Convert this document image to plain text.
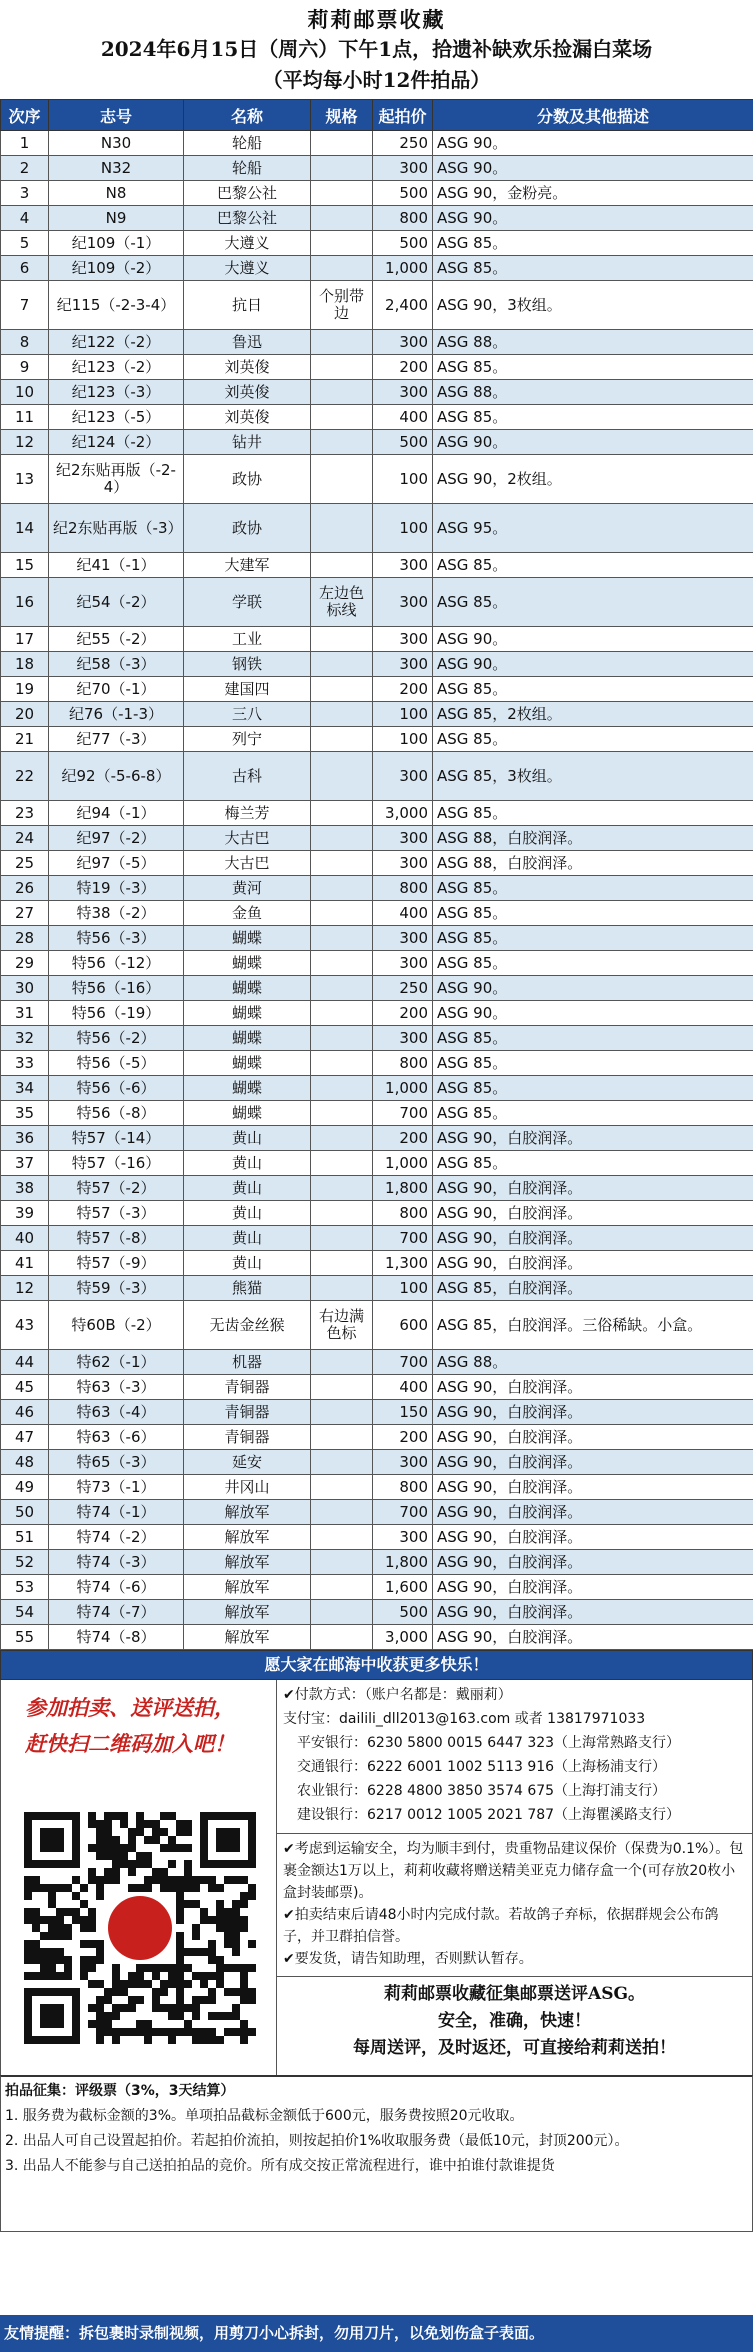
莉莉邮票收藏
2024年6月15日（周六）下午1点，拾遗补缺欢乐捡漏白菜场
（平均每小时12件拍品）
次序	志号	名称	规格	起拍价	分数及其他描述
1	N30	轮船		250	ASG 90。
2	N32	轮船		300	ASG 90。
3	N8	巴黎公社		500	ASG 90，金粉亮。
4	N9	巴黎公社		800	ASG 90。
5	纪109（-1）	大遵义		500	ASG 85。
6	纪109（-2）	大遵义		1,000	ASG 85。
7	纪115（-2-3-4）	抗日	个别带边	2,400	ASG 90，3枚组。
8	纪122（-2）	鲁迅		300	ASG 88。
9	纪123（-2）	刘英俊		200	ASG 85。
10	纪123（-3）	刘英俊		300	ASG 88。
11	纪123（-5）	刘英俊		400	ASG 85。
12	纪124（-2）	钻井		500	ASG 90。
13	纪2东贴再版（-2-4）	政协		100	ASG 90，2枚组。
14	纪2东贴再版（-3）	政协		100	ASG 95。
15	纪41（-1）	大建军		300	ASG 85。
16	纪54（-2）	学联	左边色标线	300	ASG 85。
17	纪55（-2）	工业		300	ASG 90。
18	纪58（-3）	钢铁		300	ASG 90。
19	纪70（-1）	建国四		200	ASG 85。
20	纪76（-1-3）	三八		100	ASG 85，2枚组。
21	纪77（-3）	列宁		100	ASG 85。
22	纪92（-5-6-8）	古科		300	ASG 85，3枚组。
23	纪94（-1）	梅兰芳		3,000	ASG 85。
24	纪97（-2）	大古巴		300	ASG 88，白胶润泽。
25	纪97（-5）	大古巴		300	ASG 88，白胶润泽。
26	特19（-3）	黄河		800	ASG 85。
27	特38（-2）	金鱼		400	ASG 85。
28	特56（-3）	蝴蝶		300	ASG 85。
29	特56（-12）	蝴蝶		300	ASG 85。
30	特56（-16）	蝴蝶		250	ASG 90。
31	特56（-19）	蝴蝶		200	ASG 90。
32	特56（-2）	蝴蝶		300	ASG 85。
33	特56（-5）	蝴蝶		800	ASG 85。
34	特56（-6）	蝴蝶		1,000	ASG 85。
35	特56（-8）	蝴蝶		700	ASG 85。
36	特57（-14）	黄山		200	ASG 90，白胶润泽。
37	特57（-16）	黄山		1,000	ASG 85。
38	特57（-2）	黄山		1,800	ASG 90，白胶润泽。
39	特57（-3）	黄山		800	ASG 90，白胶润泽。
40	特57（-8）	黄山		700	ASG 90，白胶润泽。
41	特57（-9）	黄山		1,300	ASG 90，白胶润泽。
12	特59（-3）	熊猫		100	ASG 85，白胶润泽。
43	特60B（-2）	无齿金丝猴	右边满色标	600	ASG 85，白胶润泽。三俗稀缺。小盒。
44	特62（-1）	机器		700	ASG 88。
45	特63（-3）	青铜器		400	ASG 90，白胶润泽。
46	特63（-4）	青铜器		150	ASG 90，白胶润泽。
47	特63（-6）	青铜器		200	ASG 90，白胶润泽。
48	特65（-3）	延安		300	ASG 90，白胶润泽。
49	特73（-1）	井冈山		800	ASG 90，白胶润泽。
50	特74（-1）	解放军		700	ASG 90，白胶润泽。
51	特74（-2）	解放军		300	ASG 90，白胶润泽。
52	特74（-3）	解放军		1,800	ASG 90，白胶润泽。
53	特74（-6）	解放军		1,600	ASG 90，白胶润泽。
54	特74（-7）	解放军		500	ASG 90，白胶润泽。
55	特74（-8）	解放军		3,000	ASG 90，白胶润泽。
愿大家在邮海中收获更多快乐！
参加拍卖、送评送拍，
赶快扫二维码加入吧！
✔付款方式：（账户名都是：戴丽莉）
支付宝：dailili_dll2013@163.com 或者 13817971033
平安银行：6230 5800 0015 6447 323（上海常熟路支行）
交通银行：6222 6001 1002 5113 916（上海杨浦支行）
农业银行：6228 4800 3850 3574 675（上海打浦支行）
建设银行：6217 0012 1005 2021 787（上海瞿溪路支行）
✔考虑到运输安全，均为顺丰到付，贵重物品建议保价（保费为0.1%）。包裹金额达1万以上，莉莉收藏将赠送精美亚克力储存盒一个(可存放20枚小盒封装邮票)。
✔拍卖结束后请48小时内完成付款。若故鸽子弃标，依据群规会公布鸽子，并卫群拍信誉。
✔要发货，请告知助理，否则默认暂存。
莉莉邮票收藏征集邮票送评ASG。
安全，准确，快速！
每周送评，及时返还，可直接给莉莉送拍！
拍品征集：评级票（3%，3天结算）
1. 服务费为截标金额的3%。单项拍品截标金额低于600元，服务费按照20元收取。
2. 出品人可自己设置起拍价。若起拍价流拍，则按起拍价1%收取服务费（最低10元，封顶200元）。
3. 出品人不能参与自己送拍拍品的竞价。所有成交按正常流程进行，谁中拍谁付款谁提货
友情提醒：拆包裹时录制视频，用剪刀小心拆封，勿用刀片，以免划伤盒子表面。
